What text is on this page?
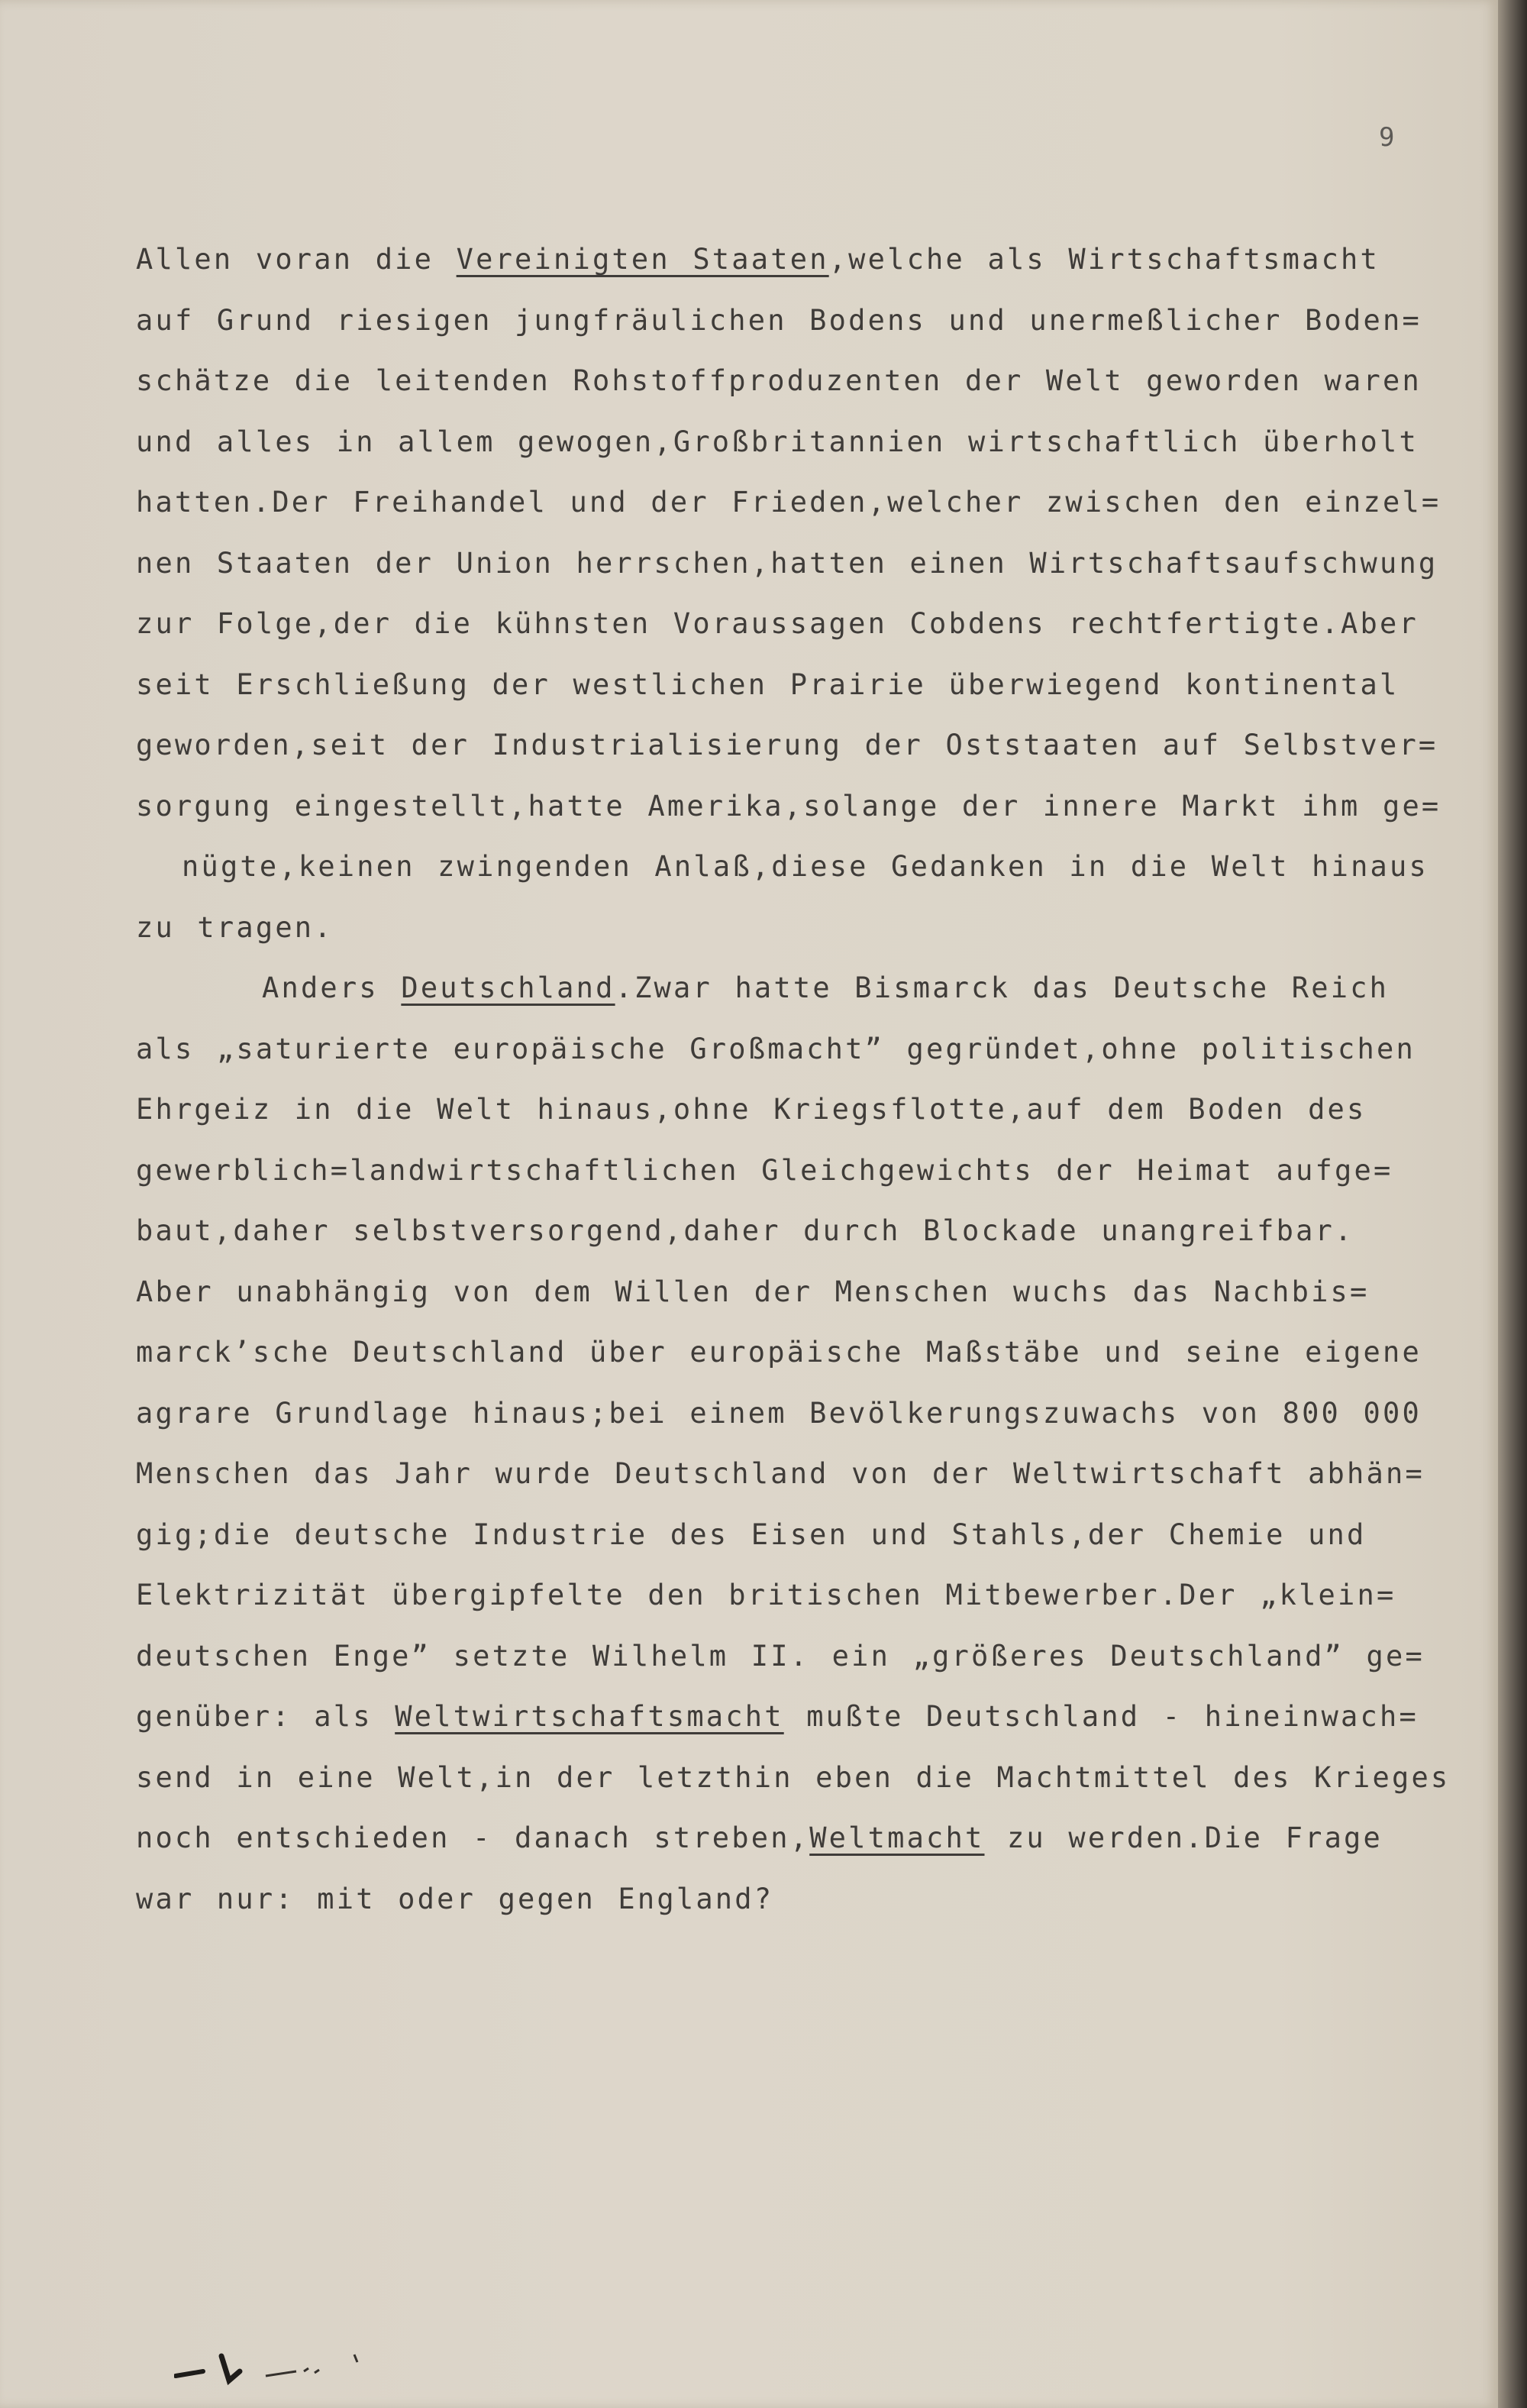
9
Allen voran die Vereinigten Staaten,welche als Wirtschaftsmacht
auf Grund riesigen jungfräulichen Bodens und unermeßlicher Boden=
schätze die leitenden Rohstoffproduzenten der Welt geworden waren
und alles in allem gewogen,Großbritannien wirtschaftlich überholt
hatten.Der Freihandel und der Frieden,welcher zwischen den einzel=
nen Staaten der Union herrschen,hatten einen Wirtschaftsaufschwung
zur Folge,der die kühnsten Voraussagen Cobdens rechtfertigte.Aber
seit Erschließung der westlichen Prairie überwiegend kontinental
geworden,seit der Industrialisierung der Oststaaten auf Selbstver=
sorgung eingestellt,hatte Amerika,solange der innere Markt ihm ge=
nügte,keinen zwingenden Anlaß,diese Gedanken in die Welt hinaus
zu tragen.
Anders Deutschland.Zwar hatte Bismarck das Deutsche Reich
als „saturierte europäische Großmacht” gegründet,ohne politischen
Ehrgeiz in die Welt hinaus,ohne Kriegsflotte,auf dem Boden des
gewerblich=landwirtschaftlichen Gleichgewichts der Heimat aufge=
baut,daher selbstversorgend,daher durch Blockade unangreifbar.
Aber unabhängig von dem Willen der Menschen wuchs das Nachbis=
marck’sche Deutschland über europäische Maßstäbe und seine eigene
agrare Grundlage hinaus;bei einem Bevölkerungszuwachs von 800 000
Menschen das Jahr wurde Deutschland von der Weltwirtschaft abhän=
gig;die deutsche Industrie des Eisen und Stahls,der Chemie und
Elektrizität übergipfelte den britischen Mitbewerber.Der „klein=
deutschen Enge” setzte Wilhelm II. ein „größeres Deutschland” ge=
genüber: als Weltwirtschaftsmacht mußte Deutschland - hineinwach=
send in eine Welt,in der letzthin eben die Machtmittel des Krieges
noch entschieden - danach streben,Weltmacht zu werden.Die Frage
war nur: mit oder gegen England?
